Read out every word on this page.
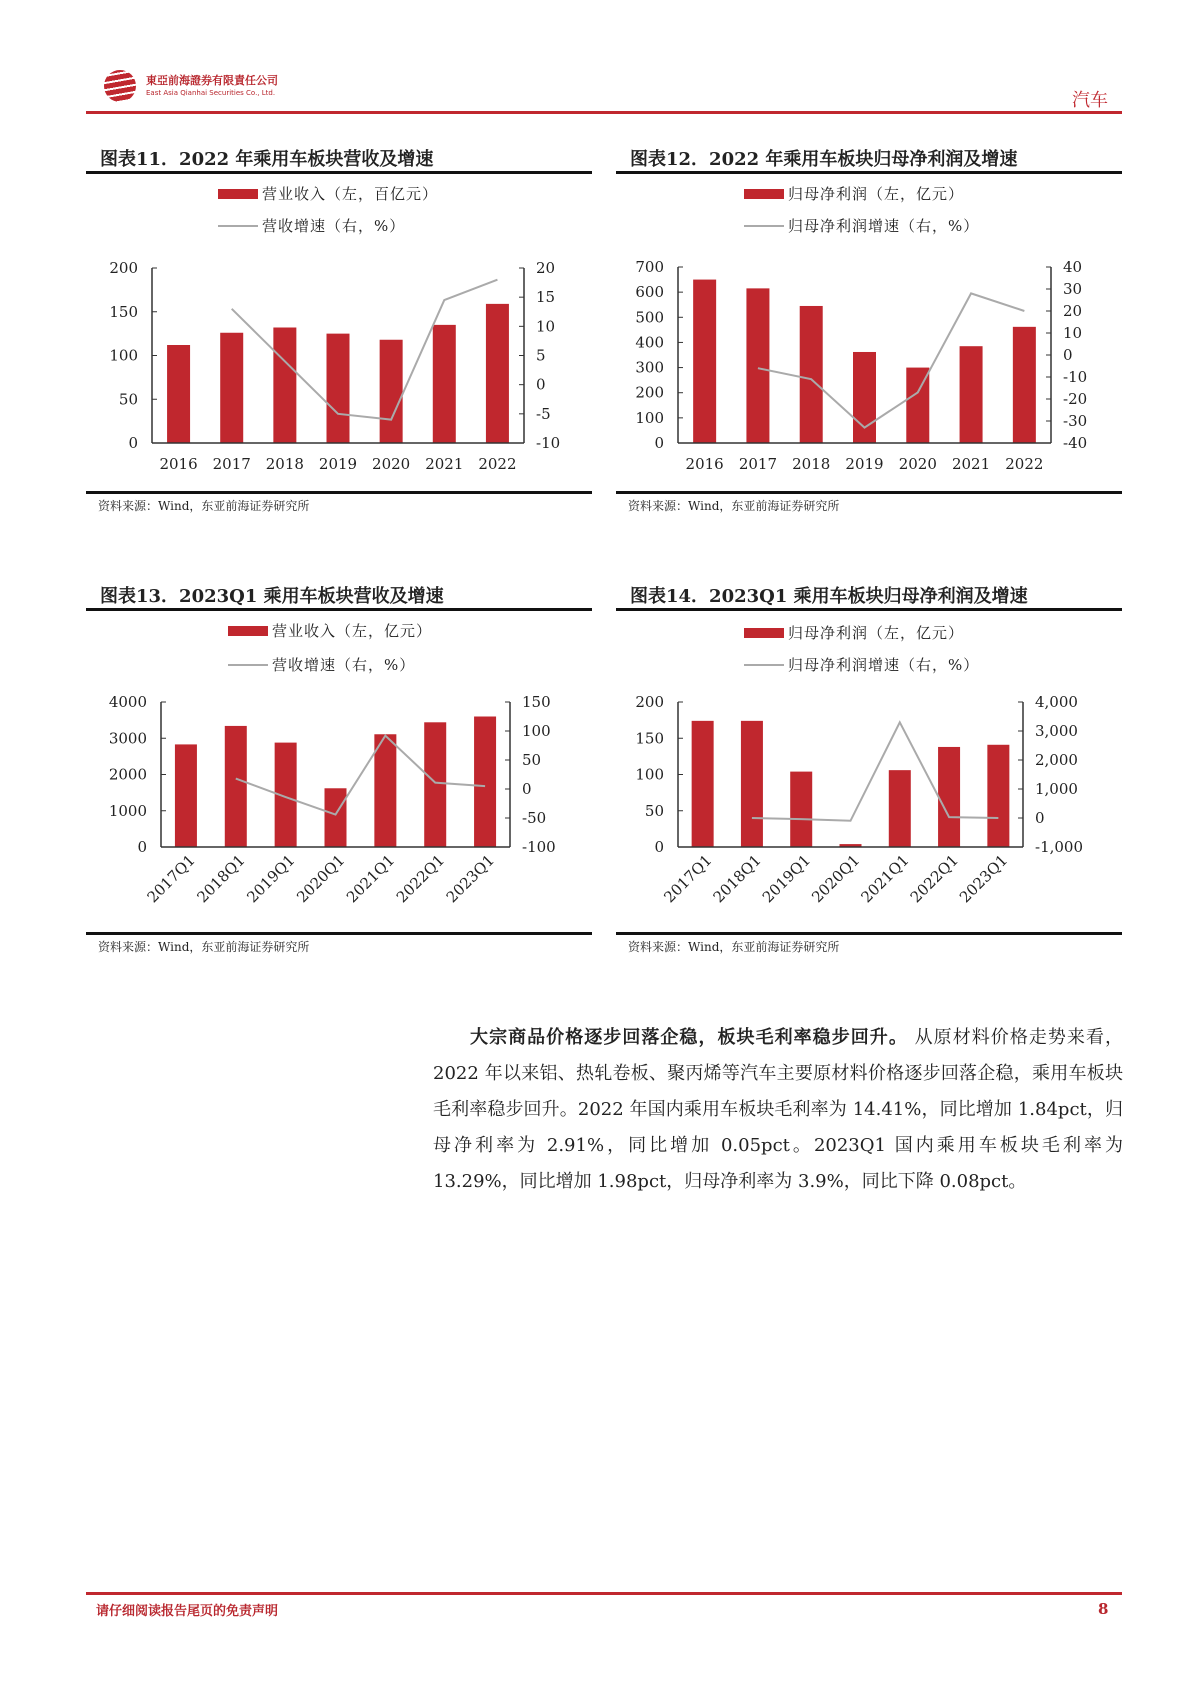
東亞前海證券有限責任公司
East Asia Qianhai Securities Co., Ltd.	汽车
图表11．2022 年乘用车板块营收及增速
营业收入（左，百亿元）
营收增速（右，%）
资料来源：Wind，东亚前海证券研究所
0
50
100
150
200
-10
-5
0
5
10
15
20
2016 2017 2018 2019 2020 2021 2022
图表12．2022 年乘用车板块归母净利润及增速
归母净利润（左，亿元）
归母净利润增速（右，%）
资料来源：Wind，东亚前海证券研究所
0
100
200
300
400
500
600
700
-40
-30
-20
-10
0
10
20
30
40
2016 2017 2018 2019 2020 2021 2022
图表13．2023Q1 乘用车板块营收及增速
营业收入（左，亿元）
营收增速（右，%）
资料来源：Wind，东亚前海证券研究所
0
1000
2000
3000
4000
-100
-50
0
50
100
150
2017Q1
2018Q1
2019Q1
2020Q1
2021Q1
2022Q1
2023Q1
图表14．2023Q1 乘用车板块归母净利润及增速
归母净利润（左，亿元）
归母净利润增速（右，%）
资料来源：Wind，东亚前海证券研究所
0
50
100
150
200
-1,000
0
1,000
2,000
3,000
4,000
2017Q1
2018Q1
2019Q1
2020Q1
2021Q1
2022Q1
2023Q1
大宗商品价格逐步回落企稳，板块毛利率稳步回升。 从原材料价格走势来看，2022 年以来铝、热轧卷板、聚丙烯等汽车主要原材料价格逐步回落企稳，乘用车板块毛利率稳步回升。2022 年国内乘用车板块毛利率为 14.41%，同比增加 1.84pct，归母净利率为 2.91%，同比增加 0.05pct。2023Q1 国内乘用车板块毛利率为 13.29%，同比增加 1.98pct，归母净利率为 3.9%，同比下降 0.08pct。
请仔细阅读报告尾页的免责声明	8
